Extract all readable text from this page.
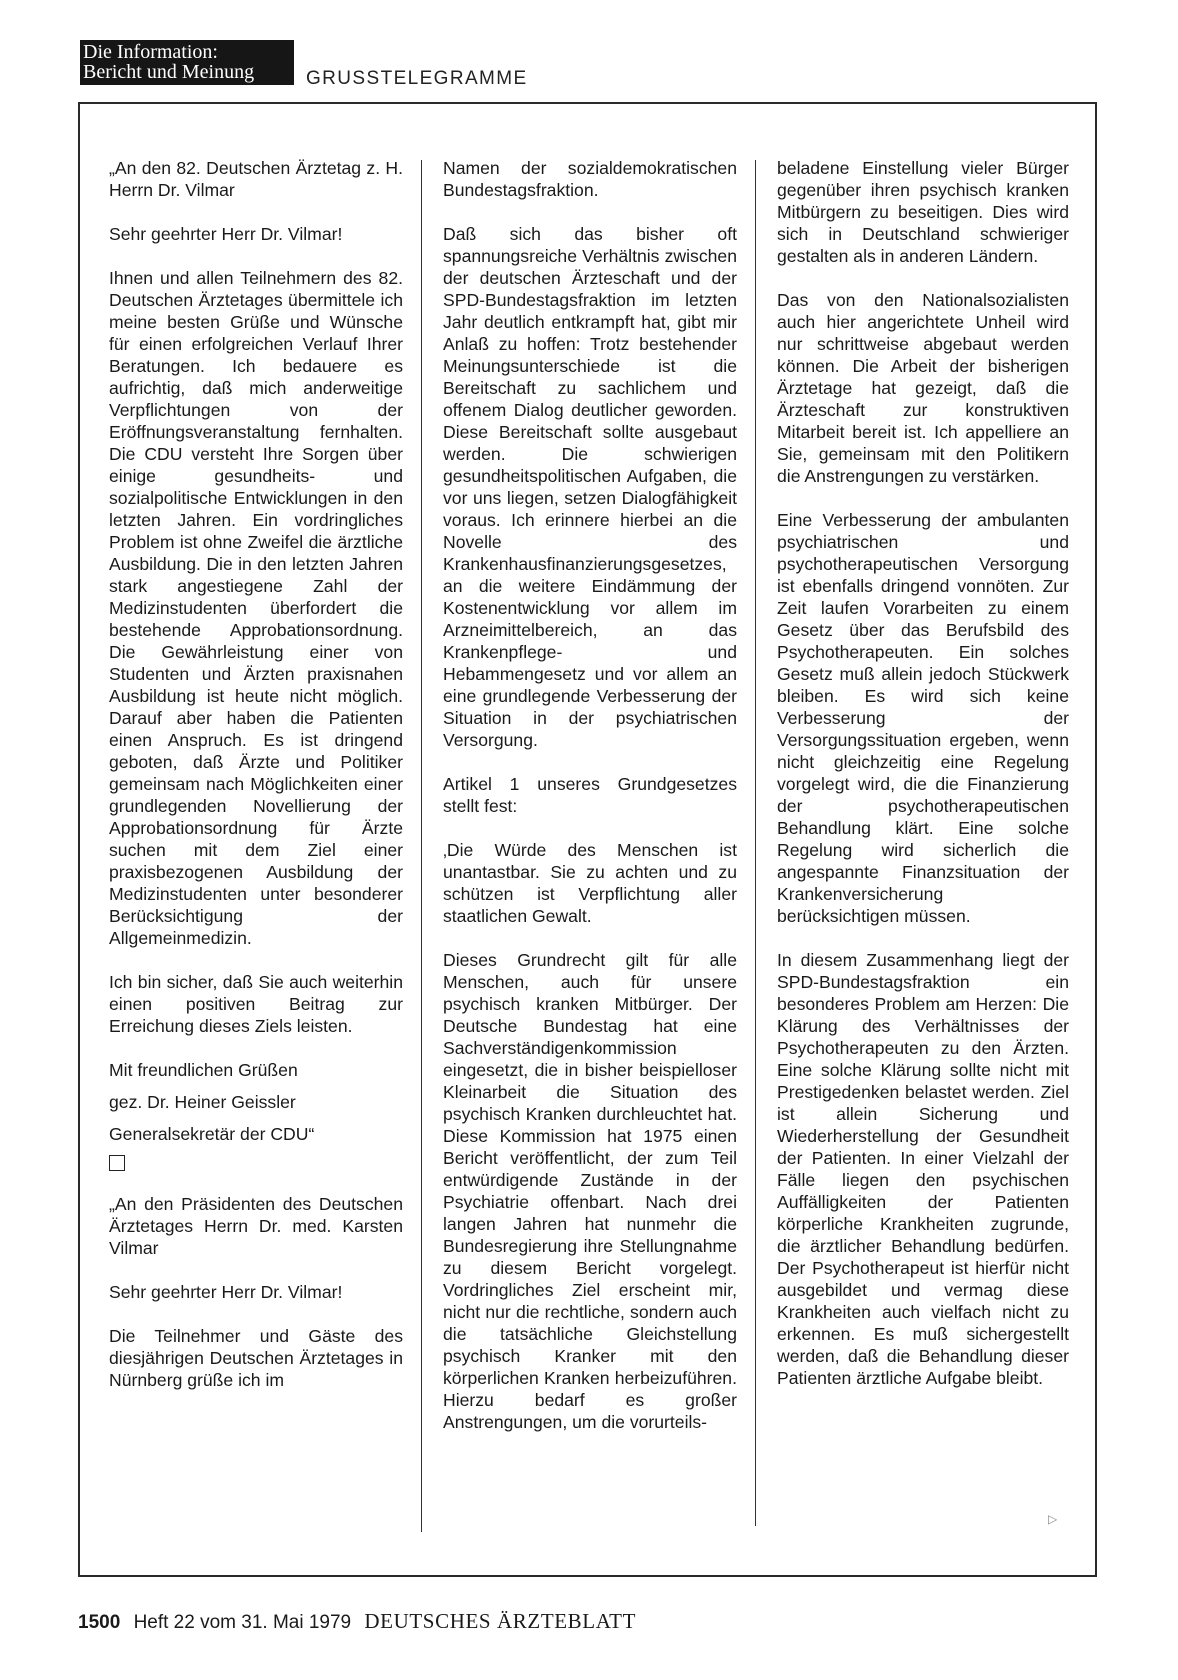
Die Information:
Bericht und Meinung	GRUSSTELEGRAMME

„An den 82. Deutschen Ärztetag z. H. Herrn Dr. Vilmar

Sehr geehrter Herr Dr. Vilmar!

Ihnen und allen Teilnehmern des 82. Deutschen Ärztetages übermittele ich meine besten Grüße und Wünsche für einen erfolgreichen Verlauf Ihrer Beratungen. Ich bedauere es aufrichtig, daß mich anderweitige Verpflichtungen von der Eröffnungsveranstaltung fernhalten. Die CDU versteht Ihre Sorgen über einige gesundheits- und sozialpolitische Entwicklungen in den letzten Jahren. Ein vordringliches Problem ist ohne Zweifel die ärztliche Ausbildung. Die in den letzten Jahren stark angestiegene Zahl der Medizinstudenten überfordert die bestehende Approbationsordnung. Die Gewährleistung einer von Studenten und Ärzten praxisnahen Ausbildung ist heute nicht möglich. Darauf aber haben die Patienten einen Anspruch. Es ist dringend geboten, daß Ärzte und Politiker gemeinsam nach Möglichkeiten einer grundlegenden Novellierung der Approbationsordnung für Ärzte suchen mit dem Ziel einer praxisbezogenen Ausbildung der Medizinstudenten unter besonderer Berücksichtigung der Allgemeinmedizin.

Ich bin sicher, daß Sie auch weiterhin einen positiven Beitrag zur Erreichung dieses Ziels leisten.

Mit freundlichen Grüßen

gez. Dr. Heiner Geissler

Generalsekretär der CDU“

„An den Präsidenten des Deutschen Ärztetages Herrn Dr. med. Karsten Vilmar

Sehr geehrter Herr Dr. Vilmar!

Die Teilnehmer und Gäste des diesjährigen Deutschen Ärztetages in Nürnberg grüße ich im

Namen der sozialdemokratischen Bundestagsfraktion.

Daß sich das bisher oft spannungsreiche Verhältnis zwischen der deutschen Ärzteschaft und der SPD-Bundestagsfraktion im letzten Jahr deutlich entkrampft hat, gibt mir Anlaß zu hoffen: Trotz bestehender Meinungsunterschiede ist die Bereitschaft zu sachlichem und offenem Dialog deutlicher geworden. Diese Bereitschaft sollte ausgebaut werden. Die schwierigen gesundheitspolitischen Aufgaben, die vor uns liegen, setzen Dialogfähigkeit voraus. Ich erinnere hierbei an die Novelle des Krankenhausfinanzierungsgesetzes, an die weitere Eindämmung der Kostenentwicklung vor allem im Arzneimittelbereich, an das Krankenpflege- und Hebammengesetz und vor allem an eine grundlegende Verbesserung der Situation in der psychiatrischen Versorgung.

Artikel 1 unseres Grundgesetzes stellt fest:

‚Die Würde des Menschen ist unantastbar. Sie zu achten und zu schützen ist Verpflichtung aller staatlichen Gewalt.

Dieses Grundrecht gilt für alle Menschen, auch für unsere psychisch kranken Mitbürger. Der Deutsche Bundestag hat eine Sachverständigenkommission eingesetzt, die in bisher beispielloser Kleinarbeit die Situation des psychisch Kranken durchleuchtet hat. Diese Kommission hat 1975 einen Bericht veröffentlicht, der zum Teil entwürdigende Zustände in der Psychiatrie offenbart. Nach drei langen Jahren hat nunmehr die Bundesregierung ihre Stellungnahme zu diesem Bericht vorgelegt. Vordringliches Ziel erscheint mir, nicht nur die rechtliche, sondern auch die tatsächliche Gleichstellung psychisch Kranker mit den körperlichen Kranken herbeizuführen. Hierzu bedarf es großer Anstrengungen, um die vorurteils-

beladene Einstellung vieler Bürger gegenüber ihren psychisch kranken Mitbürgern zu beseitigen. Dies wird sich in Deutschland schwieriger gestalten als in anderen Ländern.

Das von den Nationalsozialisten auch hier angerichtete Unheil wird nur schrittweise abgebaut werden können. Die Arbeit der bisherigen Ärztetage hat gezeigt, daß die Ärzteschaft zur konstruktiven Mitarbeit bereit ist. Ich appelliere an Sie, gemeinsam mit den Politikern die Anstrengungen zu verstärken.

Eine Verbesserung der ambulanten psychiatrischen und psychotherapeutischen Versorgung ist ebenfalls dringend vonnöten. Zur Zeit laufen Vorarbeiten zu einem Gesetz über das Berufsbild des Psychotherapeuten. Ein solches Gesetz muß allein jedoch Stückwerk bleiben. Es wird sich keine Verbesserung der Versorgungssituation ergeben, wenn nicht gleichzeitig eine Regelung vorgelegt wird, die die Finanzierung der psychotherapeutischen Behandlung klärt. Eine solche Regelung wird sicherlich die angespannte Finanzsituation der Krankenversicherung berücksichtigen müssen.

In diesem Zusammenhang liegt der SPD-Bundestagsfraktion ein besonderes Problem am Herzen: Die Klärung des Verhältnisses der Psychotherapeuten zu den Ärzten. Eine solche Klärung sollte nicht mit Prestigedenken belastet werden. Ziel ist allein Sicherung und Wiederherstellung der Gesundheit der Patienten. In einer Vielzahl der Fälle liegen den psychischen Auffälligkeiten der Patienten körperliche Krankheiten zugrunde, die ärztlicher Behandlung bedürfen. Der Psychotherapeut ist hierfür nicht ausgebildet und vermag diese Krankheiten auch vielfach nicht zu erkennen. Es muß sichergestellt werden, daß die Behandlung dieser Patienten ärztliche Aufgabe bleibt.

▷
1500 Heft 22 vom 31. Mai 1979 DEUTSCHES ÄRZTEBLATT
